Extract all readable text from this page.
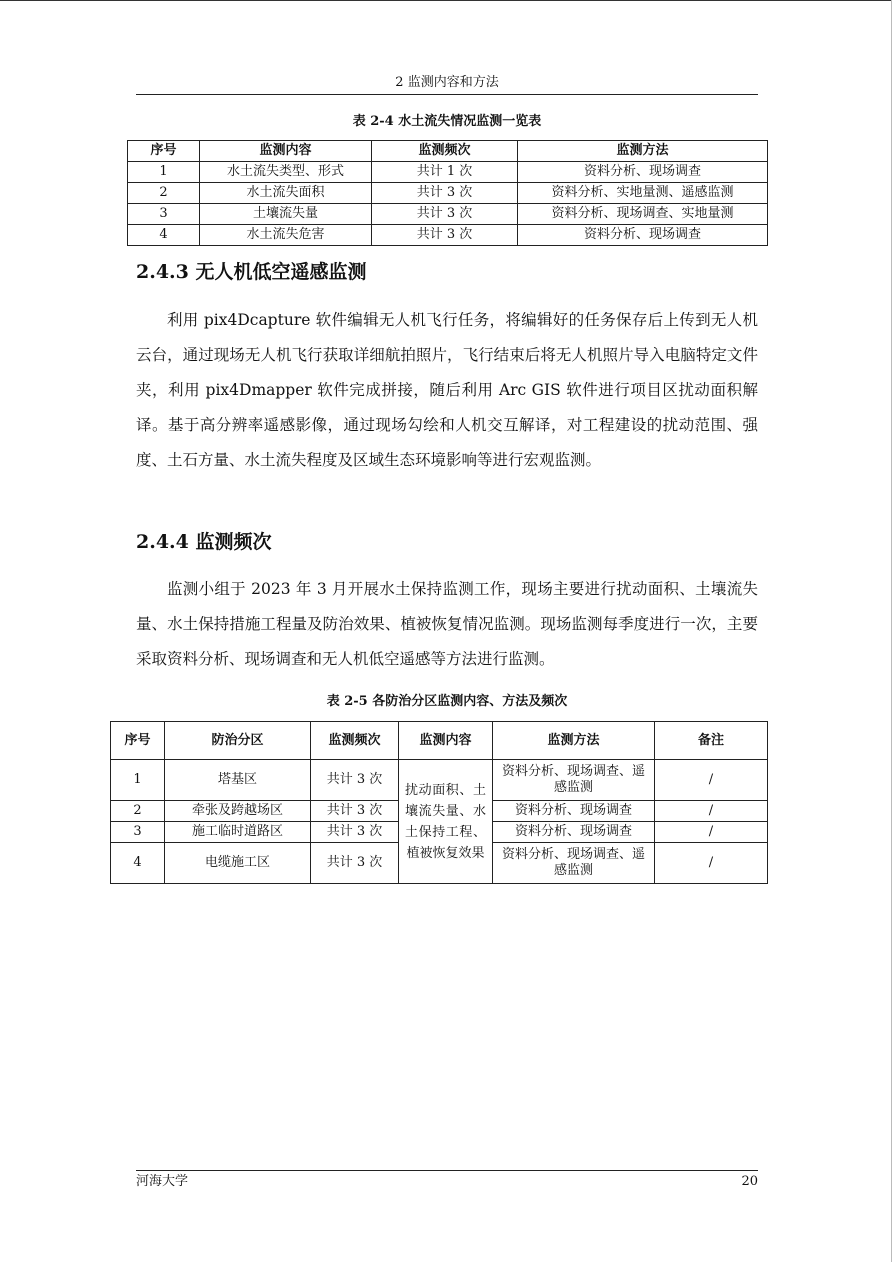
2 监测内容和方法
表 2-4 水土流失情况监测一览表
序号	监测内容	监测频次	监测方法
1	水土流失类型、形式	共计 1 次	资料分析、现场调查
2	水土流失面积	共计 3 次	资料分析、实地量测、遥感监测
3	土壤流失量	共计 3 次	资料分析、现场调查、实地量测
4	水土流失危害	共计 3 次	资料分析、现场调查
2.4.3 无人机低空遥感监测

利用 pix4Dcapture 软件编辑无人机飞行任务，将编辑好的任务保存后上传到无人机云台，通过现场无人机飞行获取详细航拍照片，飞行结束后将无人机照片导入电脑特定文件夹，利用 pix4Dmapper 软件完成拼接，随后利用 Arc GIS 软件进行项目区扰动面积解译。基于高分辨率遥感影像，通过现场勾绘和人机交互解译，对工程建设的扰动范围、强度、土石方量、水土流失程度及区域生态环境影响等进行宏观监测。

2.4.4 监测频次

监测小组于 2023 年 3 月开展水土保持监测工作，现场主要进行扰动面积、土壤流失量、水土保持措施工程量及防治效果、植被恢复情况监测。现场监测每季度进行一次，主要采取资料分析、现场调查和无人机低空遥感等方法进行监测。

表 2-5 各防治分区监测内容、方法及频次
序号	防治分区	监测频次	监测内容	监测方法	备注
1	塔基区	共计 3 次	扰动面积、土壤流失量、水土保持工程、植被恢复效果	资料分析、现场调查、遥感监测	/
2	牵张及跨越场区	共计 3 次		资料分析、现场调查	/
3	施工临时道路区	共计 3 次		资料分析、现场调查	/
4	电缆施工区	共计 3 次		资料分析、现场调查、遥感监测	/
河海大学	20
